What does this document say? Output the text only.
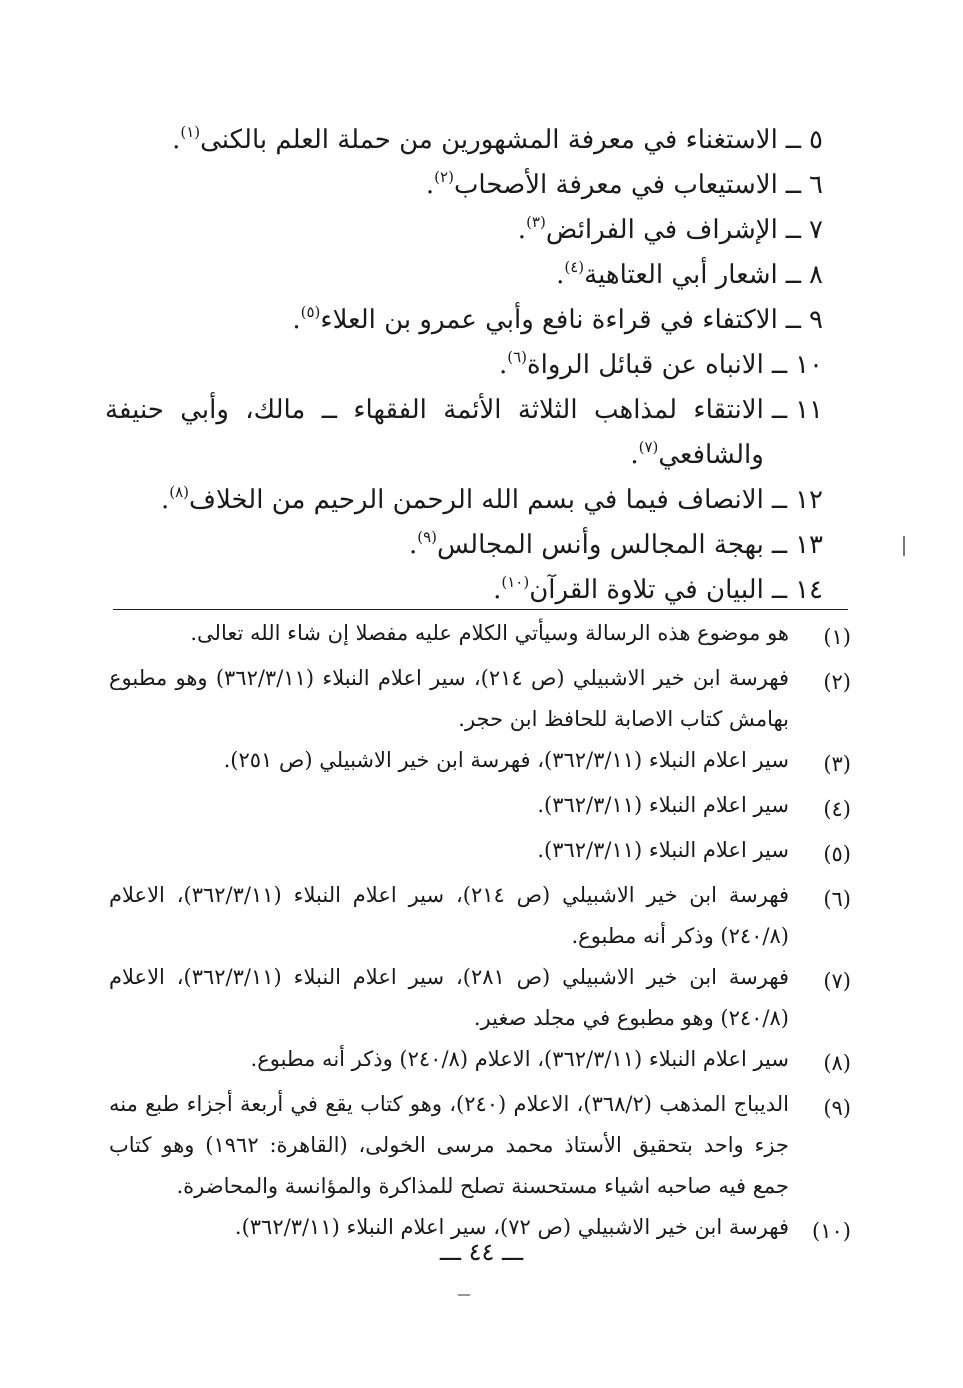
٥
ــ
الاستغناء في معرفة المشهورين من حملة العلم بالكنى$^{(١)}$.
٦
ــ
الاستيعاب في معرفة الأصحاب$^{(٢)}$.
٧
ــ
الإشراف في الفرائض$^{(٣)}$.
٨
ــ
اشعار أبي العتاهية$^{(٤)}$.
٩
ــ
الاكتفاء في قراءة نافع وأبي عمرو بن العلاء$^{(٥)}$.
١٠
ــ
الانباه عن قبائل الرواة$^{(٦)}$.
١١
ــ
الانتقاء لمذاهب الثلاثة الأئمة الفقهاء ــ مالك، وأبي حنيفة والشافعي$^{(٧)}$.
١٢
ــ
الانصاف فيما في بسم الله الرحمن الرحيم من الخلاف$^{(٨)}$.
١٣
ــ
بهجة المجالس وأنس المجالس$^{(٩)}$.
١٤
ــ
البيان في تلاوة القرآن$^{(١٠)}$.
(١)
هو موضوع هذه الرسالة وسيأتي الكلام عليه مفصلا إن شاء الله تعالى.
(٢)
فهرسة ابن خير الاشبيلي (ص ٢١٤)، سير اعلام النبلاء (٣٦٢/٣/١١) وهو مطبوع بهامش كتاب الاصابة للحافظ ابن حجر.
(٣)
سير اعلام النبلاء (٣٦٢/٣/١١)، فهرسة ابن خير الاشبيلي (ص ٢٥١).
(٤)
سير اعلام النبلاء (٣٦٢/٣/١١).
(٥)
سير اعلام النبلاء (٣٦٢/٣/١١).
(٦)
فهرسة ابن خير الاشبيلي (ص ٢١٤)، سير اعلام النبلاء (٣٦٢/٣/١١)، الاعلام (٢٤٠/٨) وذكر أنه مطبوع.
(٧)
فهرسة ابن خير الاشبيلي (ص ٢٨١)، سير اعلام النبلاء (٣٦٢/٣/١١)، الاعلام (٢٤٠/٨) وهو مطبوع في مجلد صغير.
(٨)
سير اعلام النبلاء (٣٦٢/٣/١١)، الاعلام (٢٤٠/٨) وذكر أنه مطبوع.
(٩)
الديباج المذهب (٣٦٨/٢)، الاعلام (٢٤٠)، وهو كتاب يقع في أربعة أجزاء طبع منه جزء واحد بتحقيق الأستاذ محمد مرسى الخولى، (القاهرة: ١٩٦٢) وهو كتاب جمع فيه صاحبه اشياء مستحسنة تصلح للمذاكرة والمؤانسة والمحاضرة.
(١٠)
فهرسة ابن خير الاشبيلي (ص ٧٢)، سير اعلام النبلاء (٣٦٢/٣/١١).
ـــ ٤٤ ـــ
